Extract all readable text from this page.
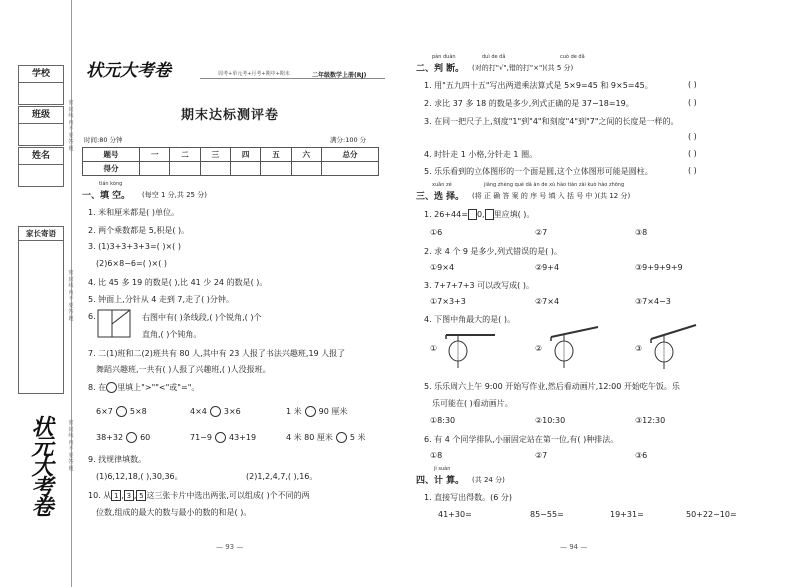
学校
班级
姓名
密封线内不要答题
密封线内不要答题
密封线内不要答题
家长寄语
状元大考卷
状元大考卷	周考+单元考+月考+期中+期末	二年级数学上册(RJ)
期末达标测评卷
时间:80 分钟	满分:100 分
题号	一	二	三	四	五	六	总分
得分							
tián kòng
一、填 空。 (每空 1 分,共 25 分)
1. 米和厘米都是( )单位。
2. 两个乘数都是 5,积是( )。
3. (1)3+3+3+3=( )×( )
(2)6×8−6=( )×( )
4. 比 45 多 19 的数是( ),比 41 少 24 的数是( )。
5. 钟面上,分针从 4 走到 7,走了( )分钟。
6.	右图中有( )条线段,( )个锐角,( )个
直角,( )个钝角。
7. 二(1)班和二(2)班共有 80 人,其中有 23 人报了书法兴趣班,19 人报了
舞蹈兴趣班,一共有( )人报了兴趣班,( )人没报班。
8. 在 里填上">""<"或"="。
6×7 5×8	4×4 3×6	1 米 90 厘米
38+32 60	71−9 43+19	4 米 80 厘米 5 米
9. 找规律填数。
(1)6,12,18,( ),30,36。	(2)1,2,4,7,( ),16。
10. 从 1 , 3 , 5 这三张卡片中选出两张,可以组成( )个不同的两
位数,组成的最大的数与最小的数的和是( )。
— 93 —
pàn duàn	duì de dǎ	cuò de dǎ
二、判 断。 (对的打"√",错的打"×")(共 5 分)
1. 用"五九四十五"写出两道乘法算式是 5×9=45 和 9×5=45。	( )
2. 求比 37 多 18 的数是多少,列式正确的是 37−18=19。	( )
3. 在同一把尺子上,刻度"1"到"4"和刻度"4"到"7"之间的长度是一样的。
( )
4. 时针走 1 小格,分针走 1 圈。	( )
5. 乐乐看到的立体图形的一个面是圆,这个立体图形可能是圆柱。	( )
xuǎn zé	jiāng zhèng què dá àn de xù hào tián zài kuò hào zhōng
三、选 择。 (将 正 确 答 案 的 序 号 填 入 括 号 中 )(共 12 分)
1. 26+44= 0, 里应填( )。
①6	②7	③8
2. 求 4 个 9 是多少,列式错误的是( )。
①9×4	②9+4	③9+9+9+9
3. 7+7+7+3 可以改写成( )。
①7×3+3	②7×4	③7×4−3
4. 下图中角最大的是( )。
①	②	③
5. 乐乐周六上午 9:00 开始写作业,然后看动画片,12:00 开始吃午饭。乐
乐可能在( )看动画片。
①8:30	②10:30	③12:30
6. 有 4 个同学排队,小丽固定站在第一位,有( )种排法。
①8	②7	③6
jì suàn
四、计 算。 (共 24 分)
1. 直接写出得数。(6 分)
41+30=	85−55=	19+31=	50+22−10=
— 94 —
